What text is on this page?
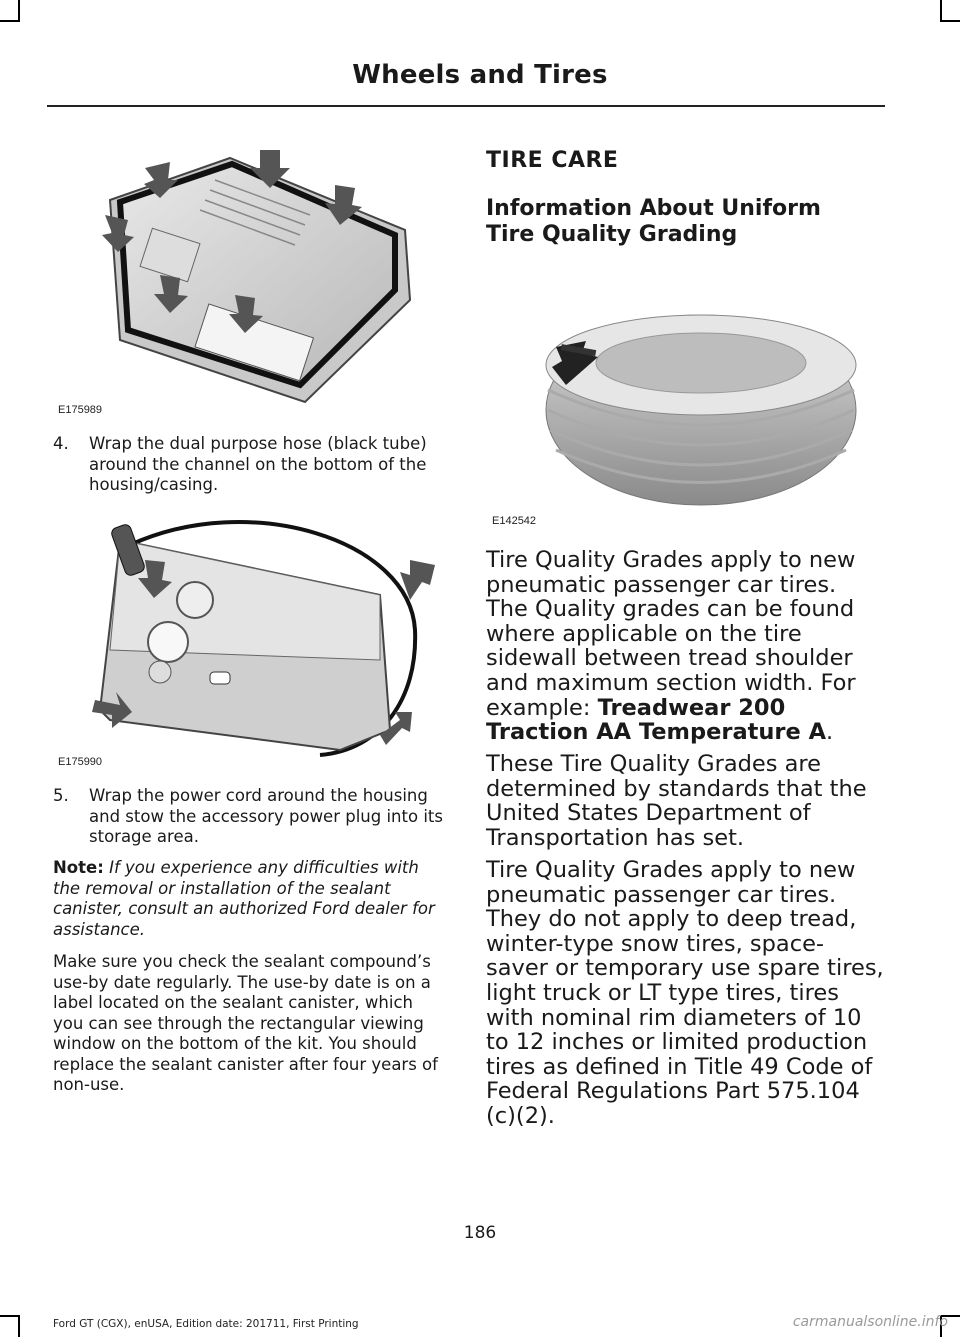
Wheels and Tires
E175989
4.	Wrap the dual purpose hose (black tube) around the channel on the bottom of the housing/casing.
E175990
5.	Wrap the power cord around the housing and stow the accessory power plug into its storage area.
Note: If you experience any difficulties with the removal or installation of the sealant canister, consult an authorized Ford dealer for assistance.
Make sure you check the sealant compound’s use-by date regularly. The use-by date is on a label located on the sealant canister, which you can see through the rectangular viewing window on the bottom of the kit. You should replace the sealant canister after four years of non-use.
TIRE CARE
Information About Uniform Tire Quality Grading
E142542
Tire Quality Grades apply to new pneumatic passenger car tires. The Quality grades can be found where applicable on the tire sidewall between tread shoulder and maximum section width. For example: Treadwear 200 Traction AA Temperature A.
These Tire Quality Grades are determined by standards that the United States Department of Transportation has set.
Tire Quality Grades apply to new pneumatic passenger car tires. They do not apply to deep tread, winter-type snow tires, space-saver or temporary use spare tires, light truck or LT type tires, tires with nominal rim diameters of 10 to 12 inches or limited production tires as defined in Title 49 Code of Federal Regulations Part 575.104 (c)(2).
186
Ford GT (CGX), enUSA, Edition date: 201711, First Printing	carmanualsonline.info
